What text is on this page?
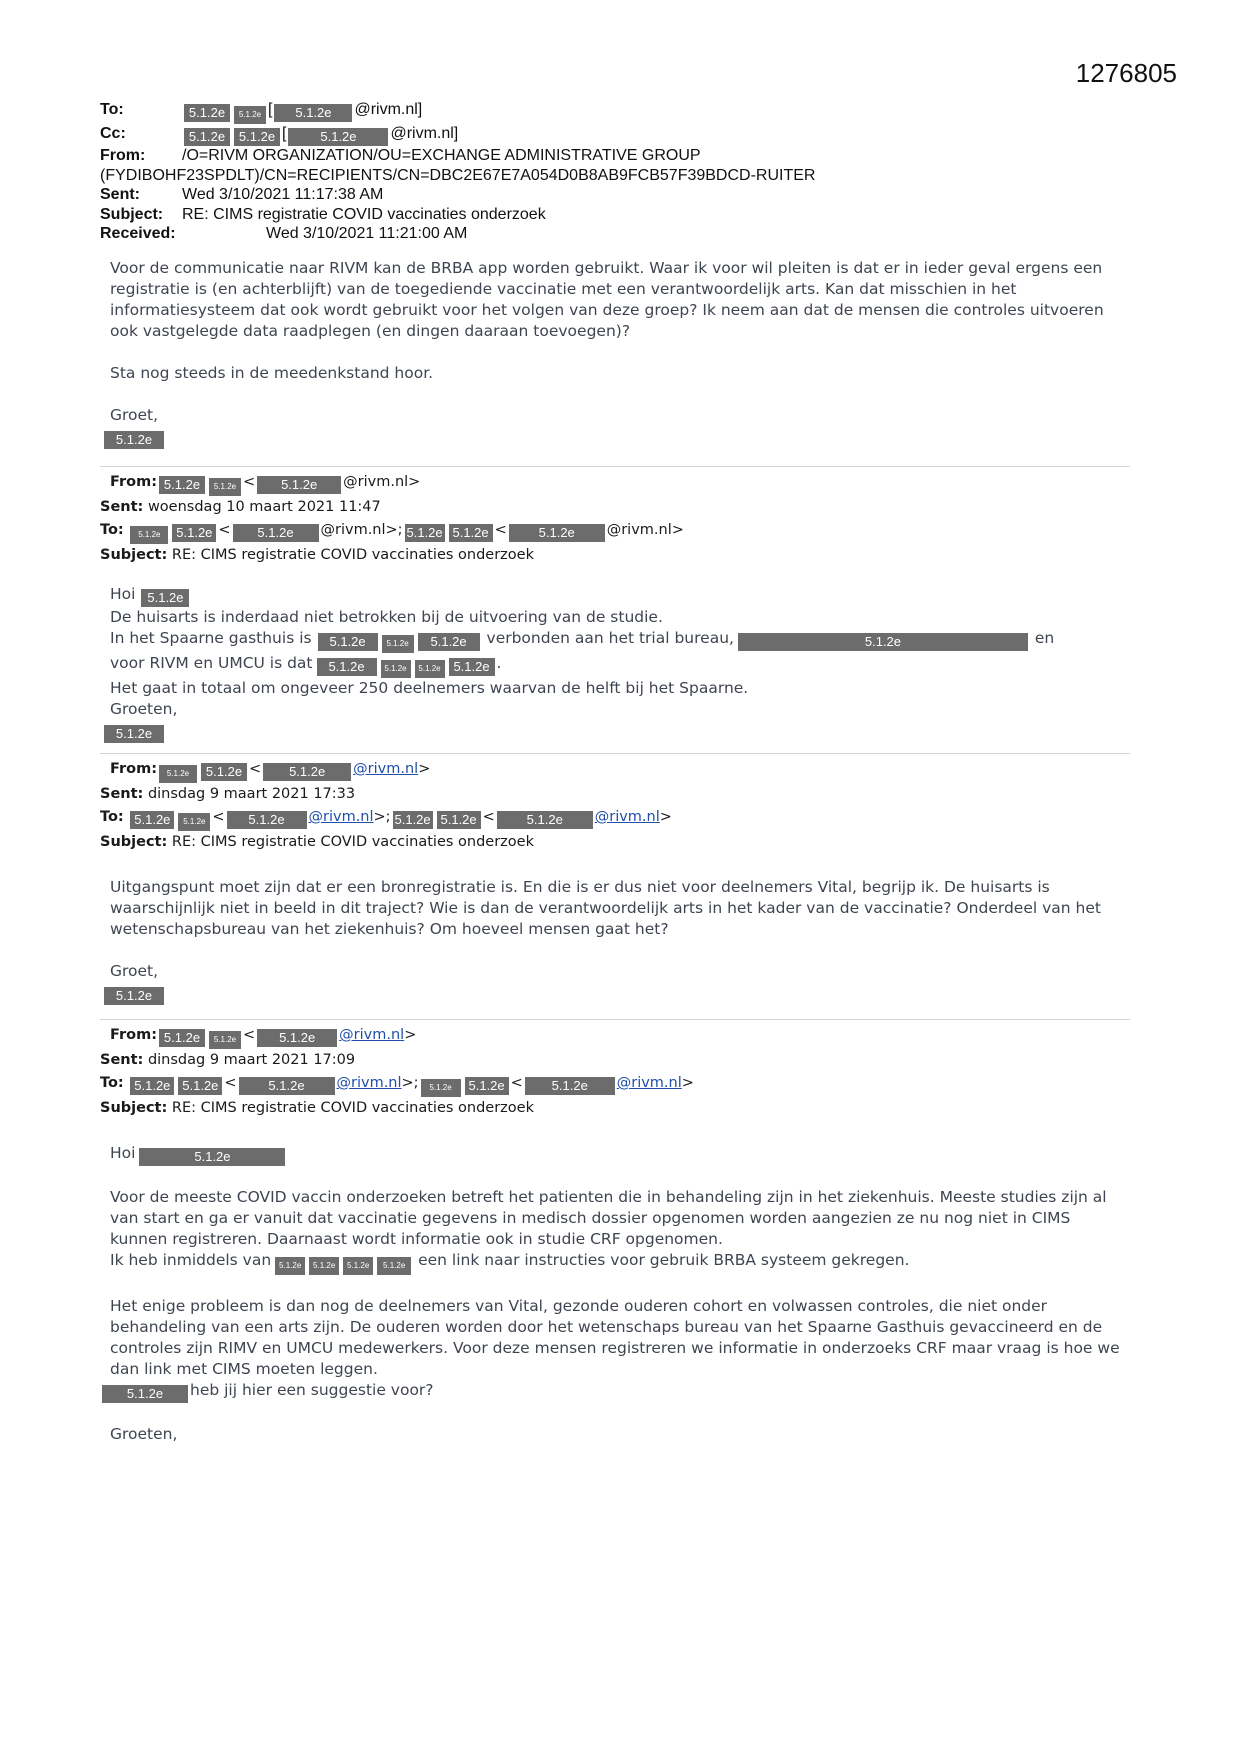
1276805
To:	5.1.2e 5.1.2e [ 5.1.2e @rivm.nl]
Cc:	5.1.2e 5.1.2e [	5.1.2e @rivm.nl]
From: /O=RIVM ORGANIZATION/OU=EXCHANGE ADMINISTRATIVE GROUP
(FYDIBOHF23SPDLT)/CN=RECIPIENTS/CN=DBC2E67E7A054D0B8AB9FCB57F39BDCD-RUITER
Sent:	Wed 3/10/2021 11:17:38 AM
Subject: RE: CIMS registratie COVID vaccinaties onderzoek
Received:	Wed 3/10/2021 11:21:00 AM

Voor de communicatie naar RIVM kan de BRBA app worden gebruikt. Waar ik voor wil pleiten is dat er in ieder geval ergens een registratie is (en achterblijft) van de toegediende vaccinatie met een verantwoordelijk arts. Kan dat misschien in het informatiesysteem dat ook wordt gebruikt voor het volgen van deze groep? Ik neem aan dat de mensen die controles uitvoeren ook vastgelegde data raadplegen (en dingen daaraan toevoegen)?

Sta nog steeds in de meedenkstand hoor.

Groet,

5.1.2e

From: 5.1.2e 5.1.2e < 5.1.2e @rivm.nl>
Sent: woensdag 10 maart 2021 11:47
To: 5.1.2e 5.1.2e < 5.1.2e @rivm.nl>; 5.1.2e 5.1.2e < 5.1.2e @rivm.nl>
Subject: RE: CIMS registratie COVID vaccinaties onderzoek

Hoi 5.1.2e

De huisarts is inderdaad niet betrokken bij de uitvoering van de studie.

In het Spaarne gasthuis is 5.1.2e	5.1.2e 5.1.2e verbonden aan het trial bureau,	5.1.2e	en

voor RIVM en UMCU is dat 5.1.2e 5.1.2e 5.1.2e 5.1.2e .

Het gaat in totaal om ongeveer 250 deelnemers waarvan de helft bij het Spaarne.

Groeten,

5.1.2e

From: 5.1.2e 5.1.2e < 5.1.2e @rivm.nl>
Sent: dinsdag 9 maart 2021 17:33
To: 5.1.2e 5.1.2e < 5.1.2e @rivm.nl>; 5.1.2e 5.1.2e < 5.1.2e @rivm.nl>
Subject: RE: CIMS registratie COVID vaccinaties onderzoek

Uitgangspunt moet zijn dat er een bronregistratie is. En die is er dus niet voor deelnemers Vital, begrijp ik. De huisarts is waarschijnlijk niet in beeld in dit traject? Wie is dan de verantwoordelijk arts in het kader van de vaccinatie? Onderdeel van het wetenschapsbureau van het ziekenhuis? Om hoeveel mensen gaat het?

Groet,

5.1.2e

From: 5.1.2e 5.1.2e < 5.1.2e @rivm.nl>
Sent: dinsdag 9 maart 2021 17:09
To: 5.1.2e 5.1.2e < 5.1.2e @rivm.nl>; 5.1.2e 5.1.2e < 5.1.2e @rivm.nl>
Subject: RE: CIMS registratie COVID vaccinaties onderzoek

Hoi	5.1.2e

Voor de meeste COVID vaccin onderzoeken betreft het patienten die in behandeling zijn in het ziekenhuis. Meeste studies zijn al van start en ga er vanuit dat vaccinatie gegevens in medisch dossier opgenomen worden aangezien ze nu nog niet in CIMS kunnen registreren. Daarnaast wordt informatie ook in studie CRF opgenomen.

Ik heb inmiddels van 5.1.2e 5.1.2e 5.1.2e 5.1.2e een link naar instructies voor gebruik BRBA systeem gekregen.

Het enige probleem is dan nog de deelnemers van Vital, gezonde ouderen cohort en volwassen controles, die niet onder behandeling van een arts zijn. De ouderen worden door het wetenschaps bureau van het Spaarne Gasthuis gevaccineerd en de controles zijn RIMV en UMCU medewerkers. Voor deze mensen registreren we informatie in onderzoeks CRF maar vraag is hoe we dan link met CIMS moeten leggen.

5.1.2e heb jij hier een suggestie voor?

Groeten,
